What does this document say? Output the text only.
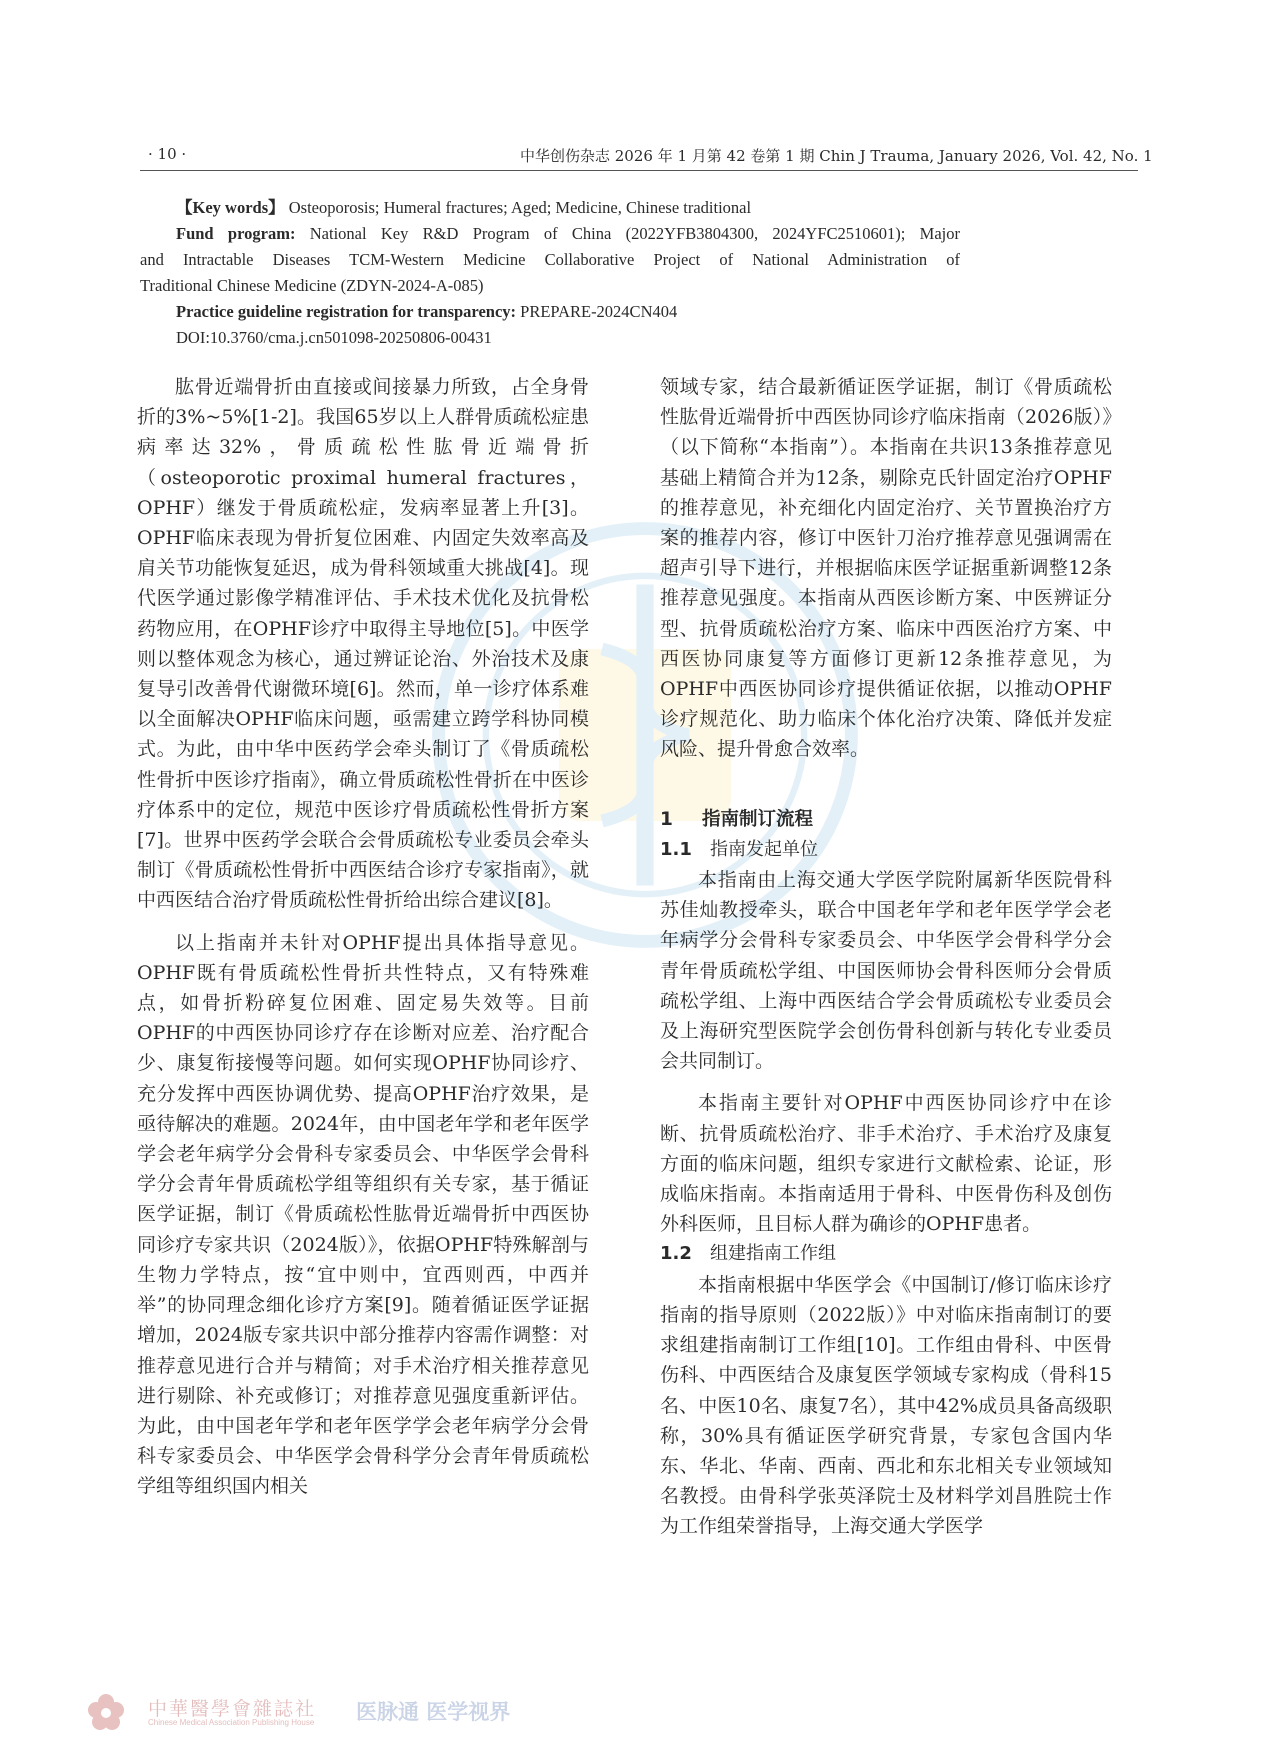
· 10 ·	中华创伤杂志 2026 年 1 月第 42 卷第 1 期 Chin J Trauma, January 2026, Vol. 42, No. 1
【Key words】 Osteoporosis; Humeral fractures; Aged; Medicine, Chinese traditional
Fund program: National Key R&D Program of China (2022YFB3804300, 2024YFC2510601); Major
and Intractable Diseases TCM-Western Medicine Collaborative Project of National Administration of
Traditional Chinese Medicine (ZDYN-2024-A-085)
Practice guideline registration for transparency: PREPARE-2024CN404
DOI:10.3760/cma.j.cn501098-20250806-00431

肱骨近端骨折由直接或间接暴力所致，占全身骨折的3%~5%[1-2]。我国65岁以上人群骨质疏松症患病率达32%，骨质疏松性肱骨近端骨折（osteoporotic proximal humeral fractures，OPHF）继发于骨质疏松症，发病率显著上升[3]。OPHF临床表现为骨折复位困难、内固定失效率高及肩关节功能恢复延迟，成为骨科领域重大挑战[4]。现代医学通过影像学精准评估、手术技术优化及抗骨松药物应用，在OPHF诊疗中取得主导地位[5]。中医学则以整体观念为核心，通过辨证论治、外治技术及康复导引改善骨代谢微环境[6]。然而，单一诊疗体系难以全面解决OPHF临床问题，亟需建立跨学科协同模式。为此，由中华中医药学会牵头制订了《骨质疏松性骨折中医诊疗指南》，确立骨质疏松性骨折在中医诊疗体系中的定位，规范中医诊疗骨质疏松性骨折方案[7]。世界中医药学会联合会骨质疏松专业委员会牵头制订《骨质疏松性骨折中西医结合诊疗专家指南》，就中西医结合治疗骨质疏松性骨折给出综合建议[8]。

以上指南并未针对OPHF提出具体指导意见。OPHF既有骨质疏松性骨折共性特点，又有特殊难点，如骨折粉碎复位困难、固定易失效等。目前OPHF的中西医协同诊疗存在诊断对应差、治疗配合少、康复衔接慢等问题。如何实现OPHF协同诊疗、充分发挥中西医协调优势、提高OPHF治疗效果，是亟待解决的难题。2024年，由中国老年学和老年医学学会老年病学分会骨科专家委员会、中华医学会骨科学分会青年骨质疏松学组等组织有关专家，基于循证医学证据，制订《骨质疏松性肱骨近端骨折中西医协同诊疗专家共识（2024版）》，依据OPHF特殊解剖与生物力学特点，按“宜中则中，宜西则西，中西并举”的协同理念细化诊疗方案[9]。随着循证医学证据增加，2024版专家共识中部分推荐内容需作调整：对推荐意见进行合并与精简；对手术治疗相关推荐意见进行剔除、补充或修订；对推荐意见强度重新评估。为此，由中国老年学和老年医学学会老年病学分会骨科专家委员会、中华医学会骨科学分会青年骨质疏松学组等组织国内相关

领域专家，结合最新循证医学证据，制订《骨质疏松性肱骨近端骨折中西医协同诊疗临床指南（2026版）》（以下简称“本指南”）。本指南在共识13条推荐意见基础上精简合并为12条，剔除克氏针固定治疗OPHF的推荐意见，补充细化内固定治疗、关节置换治疗方案的推荐内容，修订中医针刀治疗推荐意见强调需在超声引导下进行，并根据临床医学证据重新调整12条推荐意见强度。本指南从西医诊断方案、中医辨证分型、抗骨质疏松治疗方案、临床中西医治疗方案、中西医协同康复等方面修订更新12条推荐意见，为OPHF中西医协同诊疗提供循证依据，以推动OPHF诊疗规范化、助力临床个体化治疗决策、降低并发症风险、提升骨愈合效率。

1 指南制订流程
1.1 指南发起单位

本指南由上海交通大学医学院附属新华医院骨科苏佳灿教授牵头，联合中国老年学和老年医学学会老年病学分会骨科专家委员会、中华医学会骨科学分会青年骨质疏松学组、中国医师协会骨科医师分会骨质疏松学组、上海中西医结合学会骨质疏松专业委员会及上海研究型医院学会创伤骨科创新与转化专业委员会共同制订。

本指南主要针对OPHF中西医协同诊疗中在诊断、抗骨质疏松治疗、非手术治疗、手术治疗及康复方面的临床问题，组织专家进行文献检索、论证，形成临床指南。本指南适用于骨科、中医骨伤科及创伤外科医师，且目标人群为确诊的OPHF患者。

1.2 组建指南工作组

本指南根据中华医学会《中国制订/修订临床诊疗指南的指导原则（2022版）》中对临床指南制订的要求组建指南制订工作组[10]。工作组由骨科、中医骨伤科、中西医结合及康复医学领域专家构成（骨科15名、中医10名、康复7名），其中42%成员具备高级职称，30%具有循证医学研究背景，专家包含国内华东、华北、华南、西南、西北和东北相关专业领域知名教授。由骨科学张英泽院士及材料学刘昌胜院士作为工作组荣誉指导，上海交通大学医学

中華醫學會雜誌社
Chinese Medical Association Publishing House 医脉通 医学视界
